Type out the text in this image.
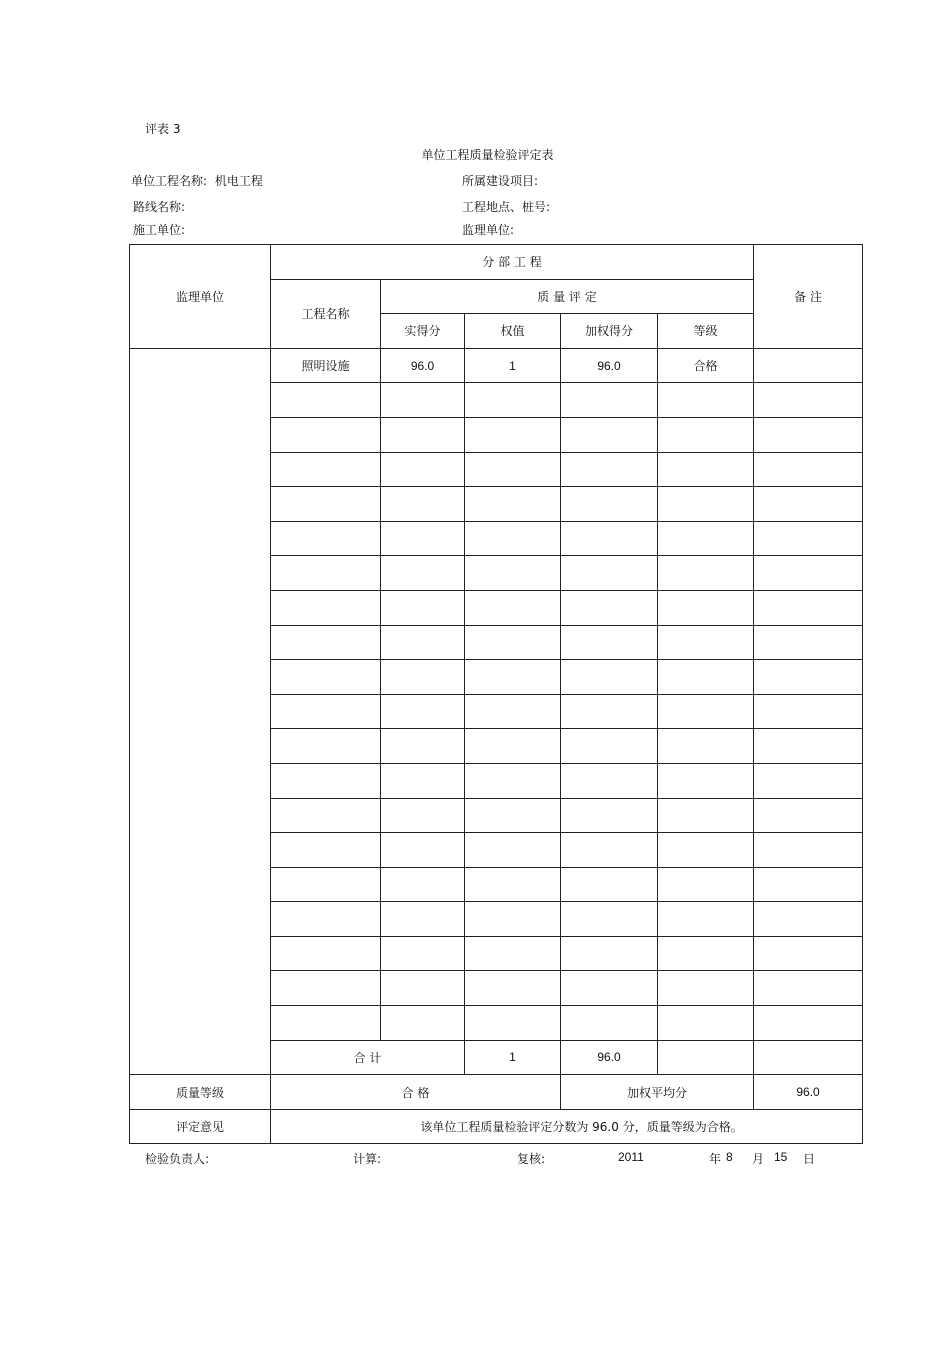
评表 3
单位工程质量检验评定表
单位工程名称: 机电工程	所属建设项目:
路线名称:	工程地点、桩号:
施工单位:	监理单位:
监理单位	分 部 工 程					备 注
	工程名称	质 量 评 定				
		实得分	权值	加权得分	等级	
	照明设施	96.0	1	96.0	合格	

	合 计		1	96.0		
质量等级	合 格			加权平均分		96.0
评定意见	该单位工程质量检验评定分数为 96.0 分，质量等级为合格。					
检验负责人:	计算:	复核:	2011	年 8 月 15 日
